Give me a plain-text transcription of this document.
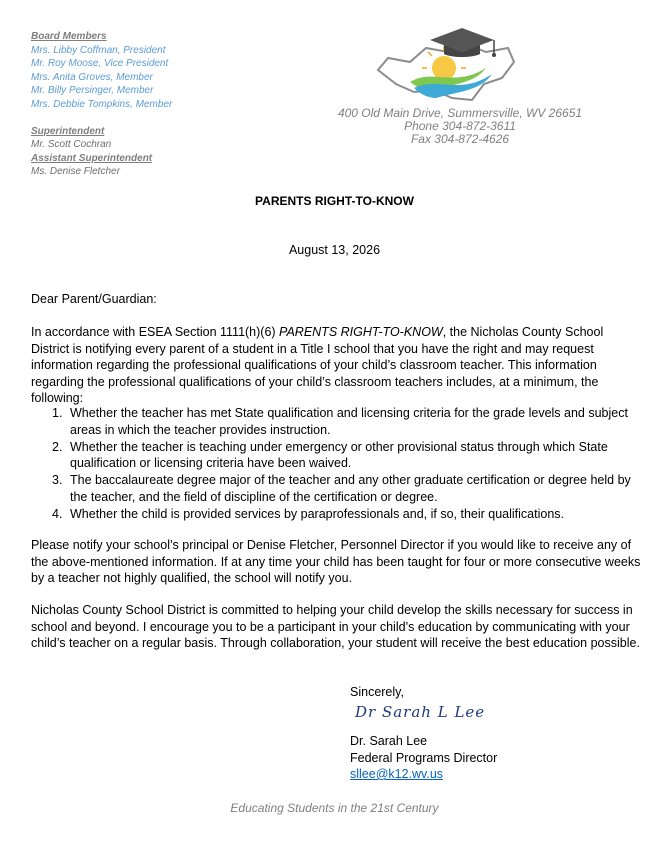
Board Members
Mrs. Libby Coffman, President
Mr. Roy Moose, Vice President
Mrs. Anita Groves, Member
Mr. Billy Persinger, Member
Mrs. Debbie Tompkins, Member
Superintendent
Mr. Scott Cochran
Assistant Superintendent
Ms. Denise Fletcher
400 Old Main Drive, Summersville, WV 26651
Phone 304-872-3611
Fax 304-872-4626
PARENTS RIGHT-TO-KNOW
August 13, 2026
Dear Parent/Guardian:
In accordance with ESEA Section 1111(h)(6) PARENTS RIGHT-TO-KNOW, the Nicholas County School District is notifying every parent of a student in a Title I school that you have the right and may request information regarding the professional qualifications of your child’s classroom teacher. This information regarding the professional qualifications of your child’s classroom teachers includes, at a minimum, the following:
1. Whether the teacher has met State qualification and licensing criteria for the grade levels and subject areas in which the teacher provides instruction.
2. Whether the teacher is teaching under emergency or other provisional status through which State qualification or licensing criteria have been waived.
3. The baccalaureate degree major of the teacher and any other graduate certification or degree held by the teacher, and the field of discipline of the certification or degree.
4. Whether the child is provided services by paraprofessionals and, if so, their qualifications.
Please notify your school’s principal or Denise Fletcher, Personnel Director if you would like to receive any of the above-mentioned information. If at any time your child has been taught for four or more consecutive weeks by a teacher not highly qualified, the school will notify you.
Nicholas County School District is committed to helping your child develop the skills necessary for success in school and beyond. I encourage you to be a participant in your child’s education by communicating with your child’s teacher on a regular basis. Through collaboration, your student will receive the best education possible.
Sincerely,
Dr Sarah L Lee
Dr. Sarah Lee
Federal Programs Director
sllee@k12.wv.us
Educating Students in the 21st Century
